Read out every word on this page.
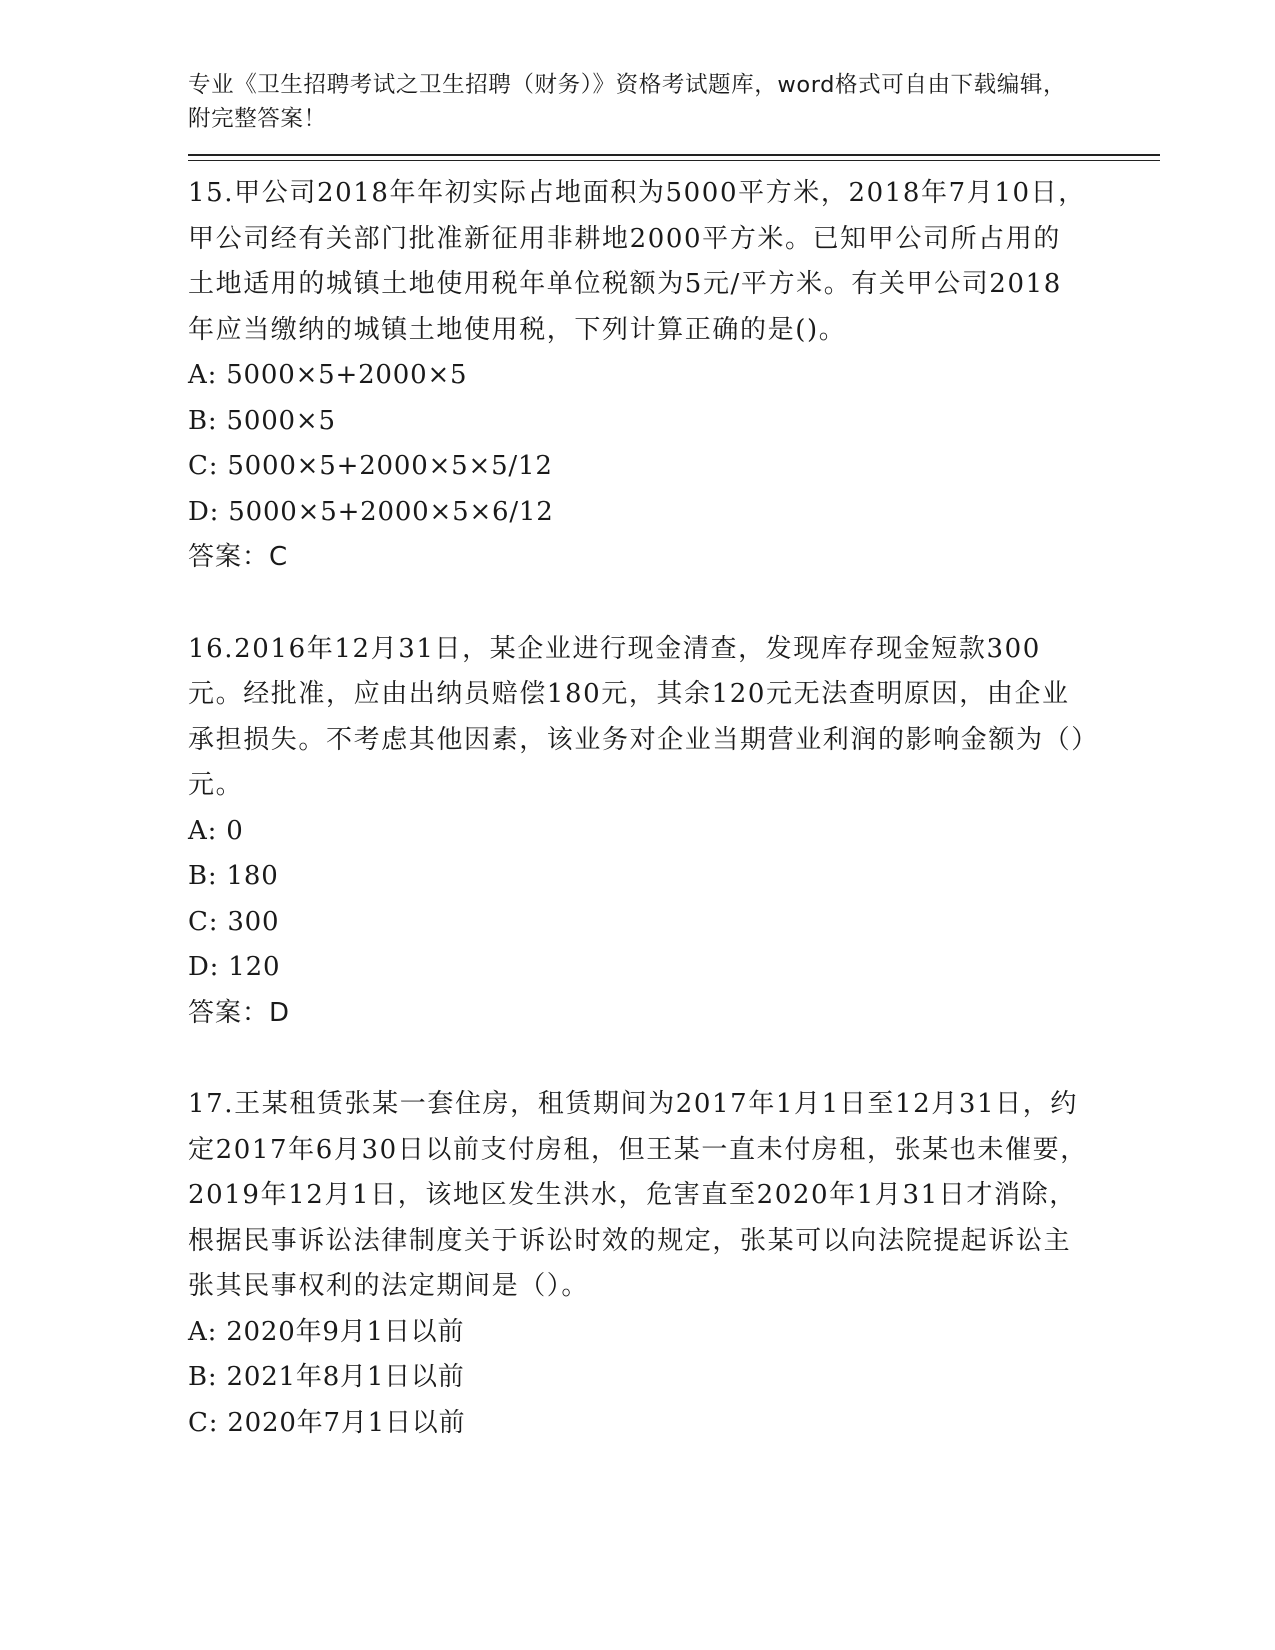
专业《卫生招聘考试之卫生招聘（财务）》资格考试题库，word格式可自由下载编辑，附完整答案！
15.甲公司2018年年初实际占地面积为5000平方米，2018年7月10日，甲公司经有关部门批准新征用非耕地2000平方米。已知甲公司所占用的土地适用的城镇土地使用税年单位税额为5元/平方米。有关甲公司2018年应当缴纳的城镇土地使用税，下列计算正确的是()。
A: 5000×5+2000×5
B: 5000×5
C: 5000×5+2000×5×5/12
D: 5000×5+2000×5×6/12
答案：C
16.2016年12月31日，某企业进行现金清查，发现库存现金短款300元。经批准，应由出纳员赔偿180元，其余120元无法查明原因，由企业承担损失。不考虑其他因素，该业务对企业当期营业利润的影响金额为（）元。
A: 0
B: 180
C: 300
D: 120
答案：D
17.王某租赁张某一套住房，租赁期间为2017年1月1日至12月31日，约定2017年6月30日以前支付房租，但王某一直未付房租，张某也未催要，2019年12月1日，该地区发生洪水，危害直至2020年1月31日才消除，根据民事诉讼法律制度关于诉讼时效的规定，张某可以向法院提起诉讼主张其民事权利的法定期间是（）。
A: 2020年9月1日以前
B: 2021年8月1日以前
C: 2020年7月1日以前
